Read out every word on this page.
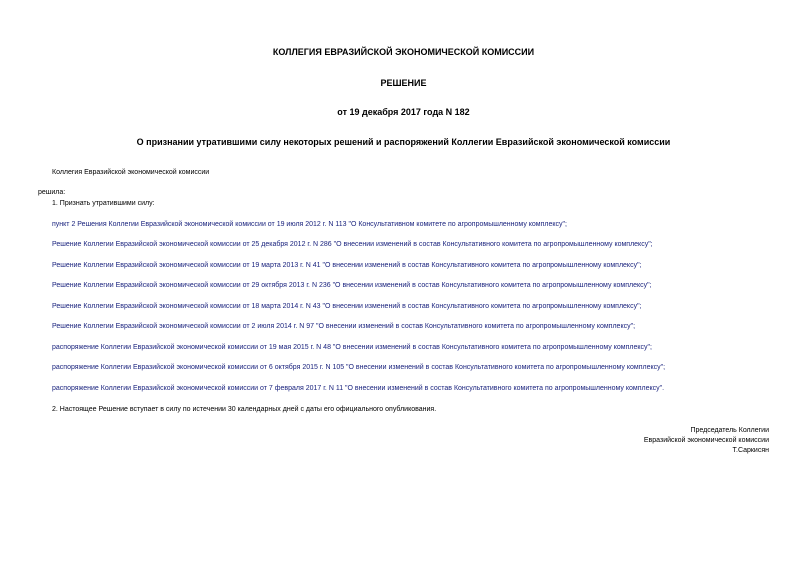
КОЛЛЕГИЯ ЕВРАЗИЙСКОЙ ЭКОНОМИЧЕСКОЙ КОМИССИИ
РЕШЕНИЕ
от 19 декабря 2017 года N 182
О признании утратившими силу некоторых решений и распоряжений Коллегии Евразийской экономической комиссии
Коллегия Евразийской экономической комиссии
решила:
1. Признать утратившими силу:
пункт 2 Решения Коллегии Евразийской экономической комиссии от 19 июля 2012 г. N 113 "О Консультативном комитете по агропромышленному комплексу";
Решение Коллегии Евразийской экономической комиссии от 25 декабря 2012 г. N 286 "О внесении изменений в состав Консультативного комитета по агропромышленному комплексу";
Решение Коллегии Евразийской экономической комиссии от 19 марта 2013 г. N 41 "О внесении изменений в состав Консультативного комитета по агропромышленному комплексу";
Решение Коллегии Евразийской экономической комиссии от 29 октября 2013 г. N 236 "О внесении изменений в состав Консультативного комитета по агропромышленному комплексу";
Решение Коллегии Евразийской экономической комиссии от 18 марта 2014 г. N 43 "О внесении изменений в состав Консультативного комитета по агропромышленному комплексу";
Решение Коллегии Евразийской экономической комиссии от 2 июля 2014 г. N 97 "О внесении изменений в состав Консультативного комитета по агропромышленному комплексу";
распоряжение Коллегии Евразийской экономической комиссии от 19 мая 2015 г. N 48 "О внесении изменений в состав Консультативного комитета по агропромышленному комплексу";
распоряжение Коллегии Евразийской экономической комиссии от 6 октября 2015 г. N 105 "О внесении изменений в состав Консультативного комитета по агропромышленному комплексу";
распоряжение Коллегии Евразийской экономической комиссии от 7 февраля 2017 г. N 11 "О внесении изменений в состав Консультативного комитета по агропромышленному комплексу".
2. Настоящее Решение вступает в силу по истечении 30 календарных дней с даты его официального опубликования.
Председатель Коллегии
Евразийской экономической комиссии
Т.Саркисян
